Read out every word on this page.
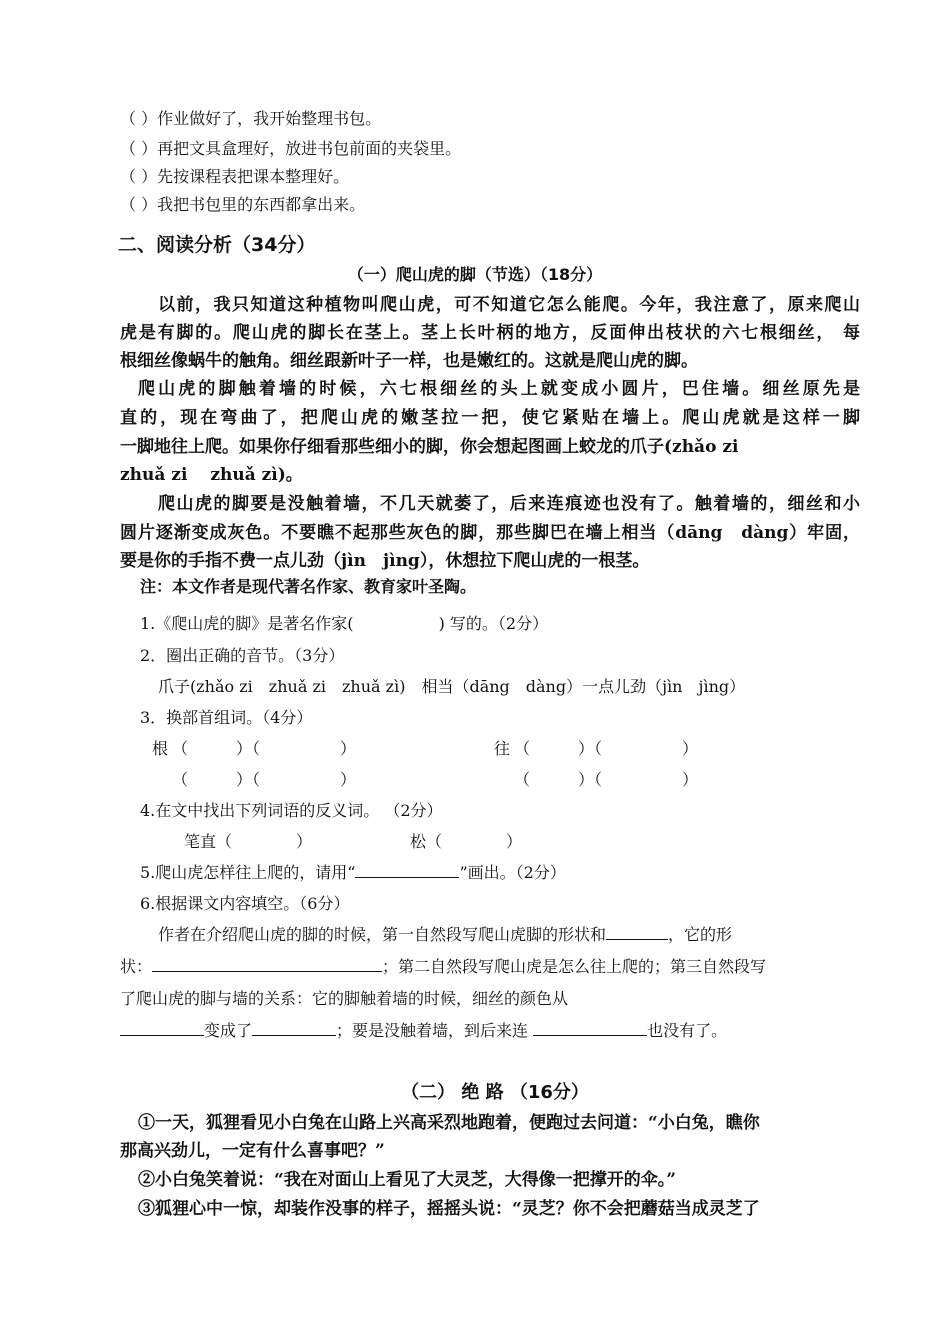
（ ）作业做好了，我开始整理书包。
（ ）再把文具盒理好，放进书包前面的夹袋里。
（ ）先按课程表把课本整理好。
（ ）我把书包里的东西都拿出来。
二、阅读分析（34分）
（一）爬山虎的脚（节选）（18分）
以前，我只知道这种植物叫爬山虎，可不知道它怎么能爬。今年，我注意了，原来爬山
虎是有脚的。爬山虎的脚长在茎上。茎上长叶柄的地方，反面伸出枝状的六七根细丝， 每
根细丝像蜗牛的触角。细丝跟新叶子一样，也是嫩红的。这就是爬山虎的脚。
爬山虎的脚触着墙的时候，六七根细丝的头上就变成小圆片，巴住墙。细丝原先是
直的，现在弯曲了，把爬山虎的嫩茎拉一把，使它紧贴在墙上。爬山虎就是这样一脚
一脚地往上爬。如果你仔细看那些细小的脚，你会想起图画上蛟龙的爪子(zhǎo zi
zhuǎ zi　 zhuǎ zì)。
爬山虎的脚要是没触着墙，不几天就萎了，后来连痕迹也没有了。触着墙的，细丝和小
圆片逐渐变成灰色。不要瞧不起那些灰色的脚，那些脚巴在墙上相当（dāng　dàng）牢固，
要是你的手指不费一点儿劲（jìn　jìng），休想拉下爬山虎的一根茎。
注：本文作者是现代著名作家、教育家叶圣陶。
1.《爬山虎的脚》是著名作家(　　　　　 ) 写的。（2分）
2．圈出正确的音节。（3分）
爪子(zhǎo zi　zhuǎ zi　zhuǎ zì)　相当（dāng　dàng）一点儿劲（jìn　jìng）
3．换部首组词。（4分）
根 （　　　）（　　　　　）	往 （　　　）（　　　　　）
（　　　）（　　　　　）	（　　　）（　　　　　）
4.在文中找出下列词语的反义词。 （2分）
笔直（　　　　）	松（　　　　）
5.爬山虎怎样往上爬的，请用“	”画出。（2分）
6.根据课文内容填空。（6分）
作者在介绍爬山虎的脚的时候，第一自然段写爬山虎脚的形状和	，它的形
状：	；第二自然段写爬山虎是怎么往上爬的；第三自然段写
了爬山虎的脚与墙的关系：它的脚触着墙的时候，细丝的颜色从
变成了	；要是没触着墙，到后来连	也没有了。
（二） 绝 路 （16分）
①一天，狐狸看见小白兔在山路上兴高采烈地跑着，便跑过去问道：“小白兔，瞧你
那高兴劲儿，一定有什么喜事吧？”
②小白兔笑着说：“我在对面山上看见了大灵芝，大得像一把撑开的伞。”
③狐狸心中一惊，却装作没事的样子，摇摇头说：“灵芝？你不会把蘑菇当成灵芝了
